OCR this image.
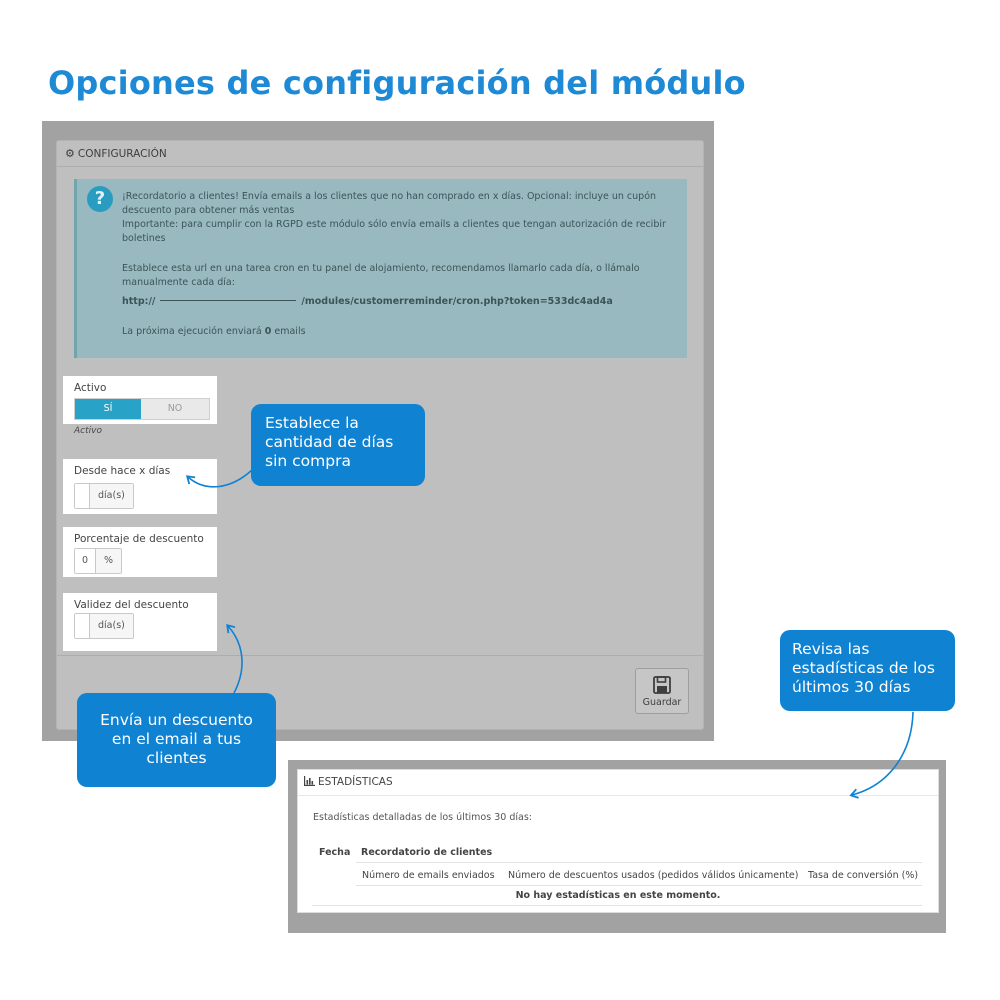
Opciones de configuración del módulo
⚙ CONFIGURACIÓN
?	¡Recordatorio a clientes! Envía emails a los clientes que no han comprado en x días. Opcional: incluye un cupón descuento para obtener más ventas

Importante: para cumplir con la RGPD este módulo sólo envía emails a clientes que tengan autorización de recibir boletines

Establece esta url en una tarea cron en tu panel de alojamiento, recomendamos llamarlo cada día, o llámalo manualmente cada día:

http://	/modules/customerreminder/cron.php?token=533dc4ad4a

La próxima ejecución enviará 0 emails

Guardar
Activo
SÍ	NO
Activo
Desde hace x días
día(s)
Porcentaje de descuento
0	%
Validez del descuento
día(s)
ESTADÍSTICAS
Estadísticas detalladas de los últimos 30 días:
Fecha Recordatorio de clientes
Número de emails enviados Número de descuentos usados (pedidos válidos únicamente) Tasa de conversión (%)
No hay estadísticas en este momento.
Establece la
cantidad de días
sin compra
Envía un descuento
en el email a tus
clientes
Revisa las
estadísticas de los
últimos 30 días
